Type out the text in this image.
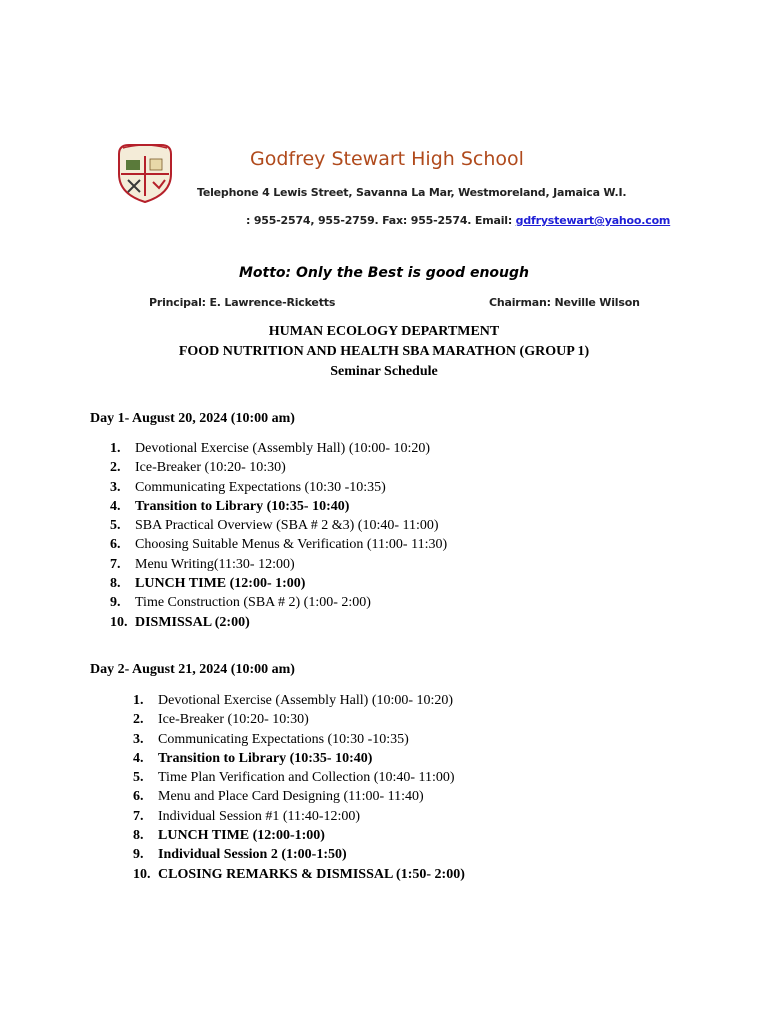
Godfrey Stewart High School
Telephone 4 Lewis Street, Savanna La Mar, Westmoreland, Jamaica W.I.
: 955-2574, 955-2759. Fax: 955-2574. Email: gdfrystewart@yahoo.com
Motto: Only the Best is good enough
Principal: E. Lawrence-Ricketts	Chairman: Neville Wilson
HUMAN ECOLOGY DEPARTMENT
FOOD NUTRITION AND HEALTH SBA MARATHON (GROUP 1)
Seminar Schedule
Day 1- August 20, 2024 (10:00 am)
1. Devotional Exercise (Assembly Hall) (10:00- 10:20)
2. Ice-Breaker (10:20- 10:30)
3. Communicating Expectations (10:30 -10:35)
4. Transition to Library (10:35- 10:40)
5. SBA Practical Overview (SBA # 2 &3) (10:40- 11:00)
6. Choosing Suitable Menus & Verification (11:00- 11:30)
7. Menu Writing(11:30- 12:00)
8. LUNCH TIME (12:00- 1:00)
9. Time Construction (SBA # 2) (1:00- 2:00)
10. DISMISSAL (2:00)
Day 2- August 21, 2024 (10:00 am)
1. Devotional Exercise (Assembly Hall) (10:00- 10:20)
2. Ice-Breaker (10:20- 10:30)
3. Communicating Expectations (10:30 -10:35)
4. Transition to Library (10:35- 10:40)
5. Time Plan Verification and Collection (10:40- 11:00)
6. Menu and Place Card Designing (11:00- 11:40)
7. Individual Session #1 (11:40-12:00)
8. LUNCH TIME (12:00-1:00)
9. Individual Session 2 (1:00-1:50)
10. CLOSING REMARKS & DISMISSAL (1:50- 2:00)
